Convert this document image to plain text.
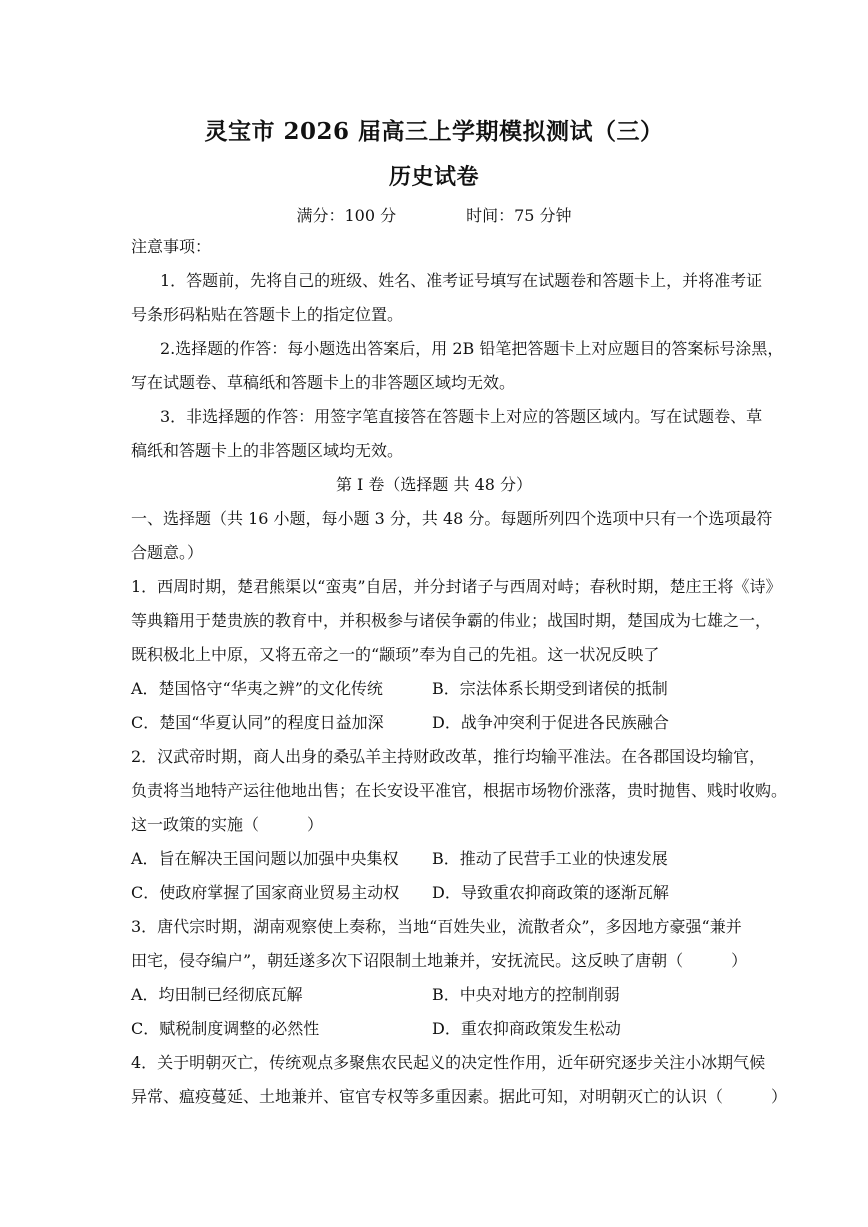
灵宝市 2026 届高三上学期模拟测试（三）
历史试卷
满分：100 分	时间：75 分钟
注意事项：
1．答题前，先将自己的班级、姓名、准考证号填写在试题卷和答题卡上，并将准考证
号条形码粘贴在答题卡上的指定位置。
2.选择题的作答：每小题选出答案后，用 2B 铅笔把答题卡上对应题目的答案标号涂黑，
写在试题卷、草稿纸和答题卡上的非答题区域均无效。
3．非选择题的作答：用签字笔直接答在答题卡上对应的答题区域内。写在试题卷、草
稿纸和答题卡上的非答题区域均无效。
第 I 卷（选择题 共 48 分）
一、选择题（共 16 小题，每小题 3 分，共 48 分。每题所列四个选项中只有一个选项最符
合题意。）
1．西周时期，楚君熊渠以“蛮夷”自居，并分封诸子与西周对峙；春秋时期，楚庄王将《诗》
等典籍用于楚贵族的教育中，并积极参与诸侯争霸的伟业；战国时期，楚国成为七雄之一，
既积极北上中原，又将五帝之一的“颛顼”奉为自己的先祖。这一状况反映了
A．楚国恪守“华夷之辨”的文化传统	B．宗法体系长期受到诸侯的抵制
C．楚国“华夏认同”的程度日益加深	D．战争冲突利于促进各民族融合
2．汉武帝时期，商人出身的桑弘羊主持财政改革，推行均输平准法。在各郡国设均输官，
负责将当地特产运往他地出售；在长安设平准官，根据市场物价涨落，贵时抛售、贱时收购。
这一政策的实施（　　　）
A．旨在解决王国问题以加强中央集权 B．推动了民营手工业的快速发展
C．使政府掌握了国家商业贸易主动权 D．导致重农抑商政策的逐渐瓦解
3．唐代宗时期，湖南观察使上奏称，当地“百姓失业，流散者众”，多因地方豪强“兼并
田宅，侵夺编户”，朝廷遂多次下诏限制土地兼并，安抚流民。这反映了唐朝（　　　）
A．均田制已经彻底瓦解	B．中央对地方的控制削弱
C．赋税制度调整的必然性	D．重农抑商政策发生松动
4．关于明朝灭亡，传统观点多聚焦农民起义的决定性作用，近年研究逐步关注小冰期气候
异常、瘟疫蔓延、土地兼并、宦官专权等多重因素。据此可知，对明朝灭亡的认识（　　　）
